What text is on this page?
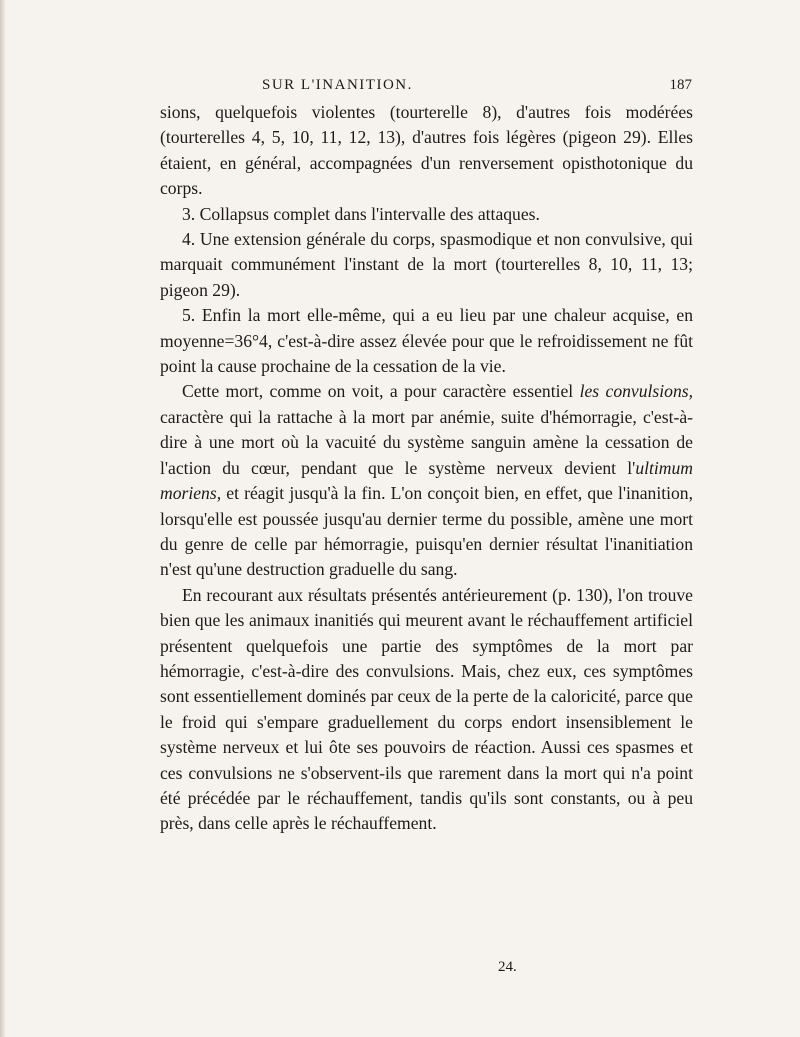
SUR L'INANITION.	187

sions, quelquefois violentes (tourterelle 8), d'autres fois modérées (tourterelles 4, 5, 10, 11, 12, 13), d'autres fois légères (pigeon 29). Elles étaient, en général, accompagnées d'un renversement opisthotonique du corps.

3. Collapsus complet dans l'intervalle des attaques.

4. Une extension générale du corps, spasmodique et non convulsive, qui marquait communément l'instant de la mort (tourterelles 8, 10, 11, 13; pigeon 29).

5. Enfin la mort elle-même, qui a eu lieu par une chaleur acquise, en moyenne=36°4, c'est-à-dire assez élevée pour que le refroidissement ne fût point la cause prochaine de la cessation de la vie.

Cette mort, comme on voit, a pour caractère essentiel les convulsions, caractère qui la rattache à la mort par anémie, suite d'hémorragie, c'est-à-dire à une mort où la vacuité du système sanguin amène la cessation de l'action du cœur, pendant que le système nerveux devient l'ultimum moriens, et réagit jusqu'à la fin. L'on conçoit bien, en effet, que l'inanition, lorsqu'elle est poussée jusqu'au dernier terme du possible, amène une mort du genre de celle par hémorragie, puisqu'en dernier résultat l'inanitiation n'est qu'une destruction graduelle du sang.

En recourant aux résultats présentés antérieurement (p. 130), l'on trouve bien que les animaux inanitiés qui meurent avant le réchauffement artificiel présentent quelquefois une partie des symptômes de la mort par hémorragie, c'est-à-dire des convulsions. Mais, chez eux, ces symptômes sont essentiellement dominés par ceux de la perte de la caloricité, parce que le froid qui s'empare graduellement du corps endort insensiblement le système nerveux et lui ôte ses pouvoirs de réaction. Aussi ces spasmes et ces convulsions ne s'observent-ils que rarement dans la mort qui n'a point été précédée par le réchauffement, tandis qu'ils sont constants, ou à peu près, dans celle après le réchauffement.

24.
